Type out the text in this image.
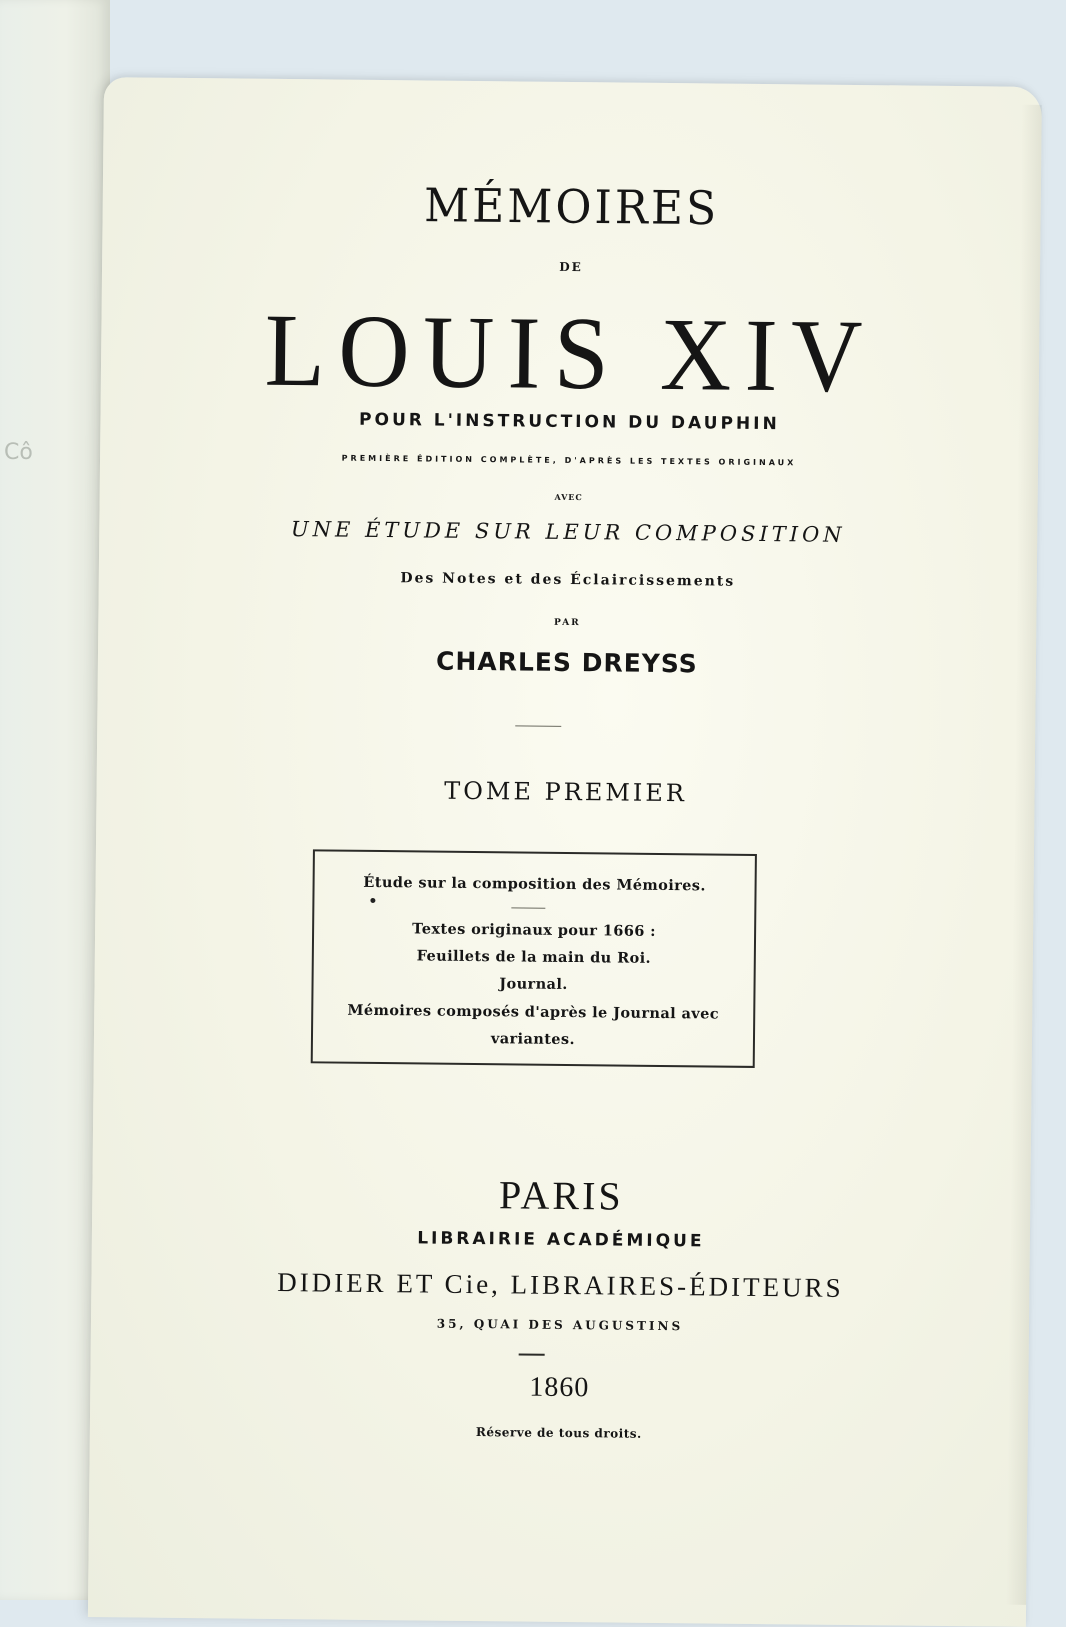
Cô
MÉMOIRES
DE
LOUIS XIV
POUR L'INSTRUCTION DU DAUPHIN
PREMIÈRE ÉDITION COMPLÈTE, D'APRÈS LES TEXTES ORIGINAUX
AVEC
UNE ÉTUDE SUR LEUR COMPOSITION
Des Notes et des Éclaircissements
PAR
CHARLES DREYSS
TOME PREMIER
Étude sur la composition des Mémoires.
Textes originaux pour 1666 :
Feuillets de la main du Roi.
Journal.
Mémoires composés d'après le Journal avec
variantes.
PARIS
LIBRAIRIE ACADÉMIQUE
DIDIER ET Cie, LIBRAIRES-ÉDITEURS
35, QUAI DES AUGUSTINS
1860
Réserve de tous droits.
